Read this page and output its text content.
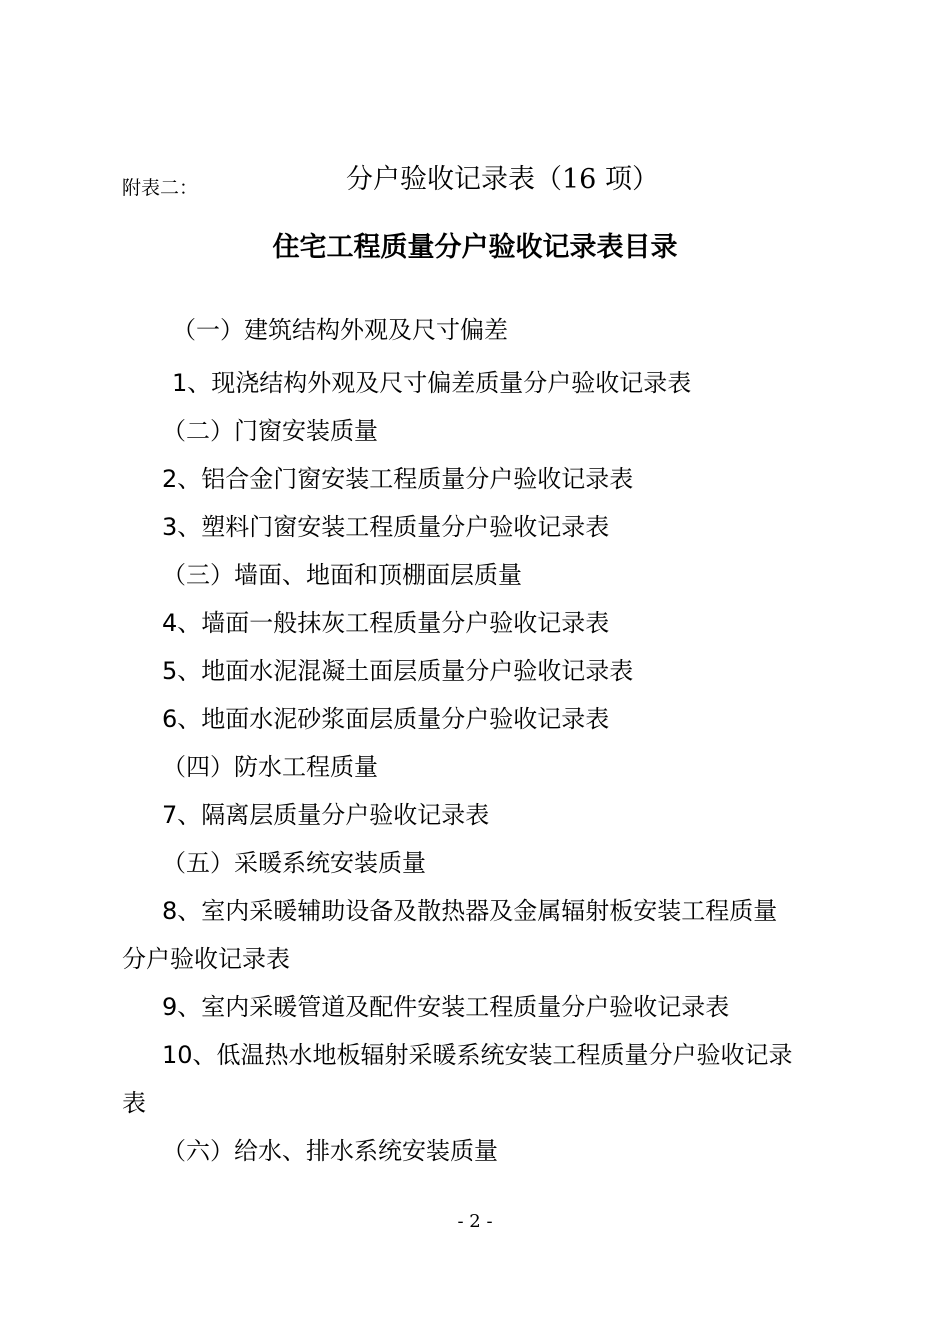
附表二：	分户验收记录表（16 项）
住宅工程质量分户验收记录表目录
（一）建筑结构外观及尺寸偏差
1、现浇结构外观及尺寸偏差质量分户验收记录表
（二）门窗安装质量
2、铝合金门窗安装工程质量分户验收记录表
3、塑料门窗安装工程质量分户验收记录表
（三）墙面、地面和顶棚面层质量
4、墙面一般抹灰工程质量分户验收记录表
5、地面水泥混凝土面层质量分户验收记录表
6、地面水泥砂浆面层质量分户验收记录表
（四）防水工程质量
7、隔离层质量分户验收记录表
（五）采暖系统安装质量
8、室内采暖辅助设备及散热器及金属辐射板安装工程质量
分户验收记录表
9、室内采暖管道及配件安装工程质量分户验收记录表
10、低温热水地板辐射采暖系统安装工程质量分户验收记录
表
（六）给水、排水系统安装质量
- 2 -
